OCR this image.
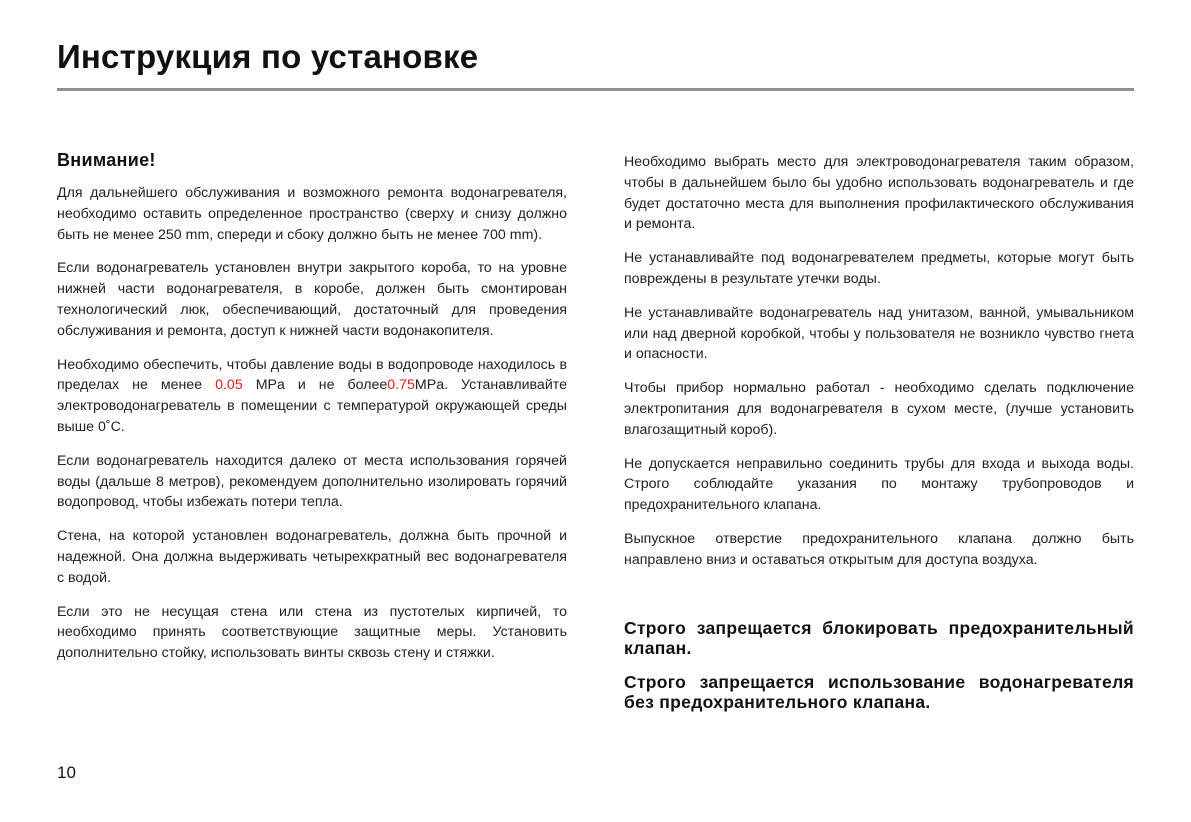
Инструкция по установке
Внимание!

Для дальнейшего обслуживания и возможного ремонта водонагревателя, необходимо оставить определенное пространство (сверху и снизу должно быть не менее 250 mm, спереди и сбоку должно быть не менее 700 mm).

Если водонагреватель установлен внутри закрытого короба, то на уровне нижней части водонагревателя, в коробе, должен быть смонтирован технологический люк, обеспечивающий, достаточный для проведения обслуживания и ремонта, доступ к нижней части водонакопителя.

Необходимо обеспечить, чтобы давление воды в водопроводе находилось в пределах не менее 0.05 MPa и не более0.75MPa. Устанавливайте электроводонагреватель в помещении с температурой окружающей среды выше 0˚C.

Если водонагреватель находится далеко от места использования горячей воды (дальше 8 метров), рекомендуем дополнительно изолировать горячий водопровод, чтобы избежать потери тепла.

Стена, на которой установлен водонагреватель, должна быть прочной и надежной. Она должна выдерживать четырехкратный вес водонагревателя с водой.

Если это не несущая стена или стена из пустотелых кирпичей, то необходимо принять соответствующие защитные меры. Установить дополнительно стойку, использовать винты сквозь стену и стяжки.

Необходимо выбрать место для электроводонагревателя таким образом, чтобы в дальнейшем было бы удобно использовать водонагреватель и где будет достаточно места для выполнения профилактического обслуживания и ремонта.

Не устанавливайте под водонагревателем предметы, которые могут быть повреждены в результате утечки воды.

Не устанавливайте водонагреватель над унитазом, ванной, умывальником или над дверной коробкой, чтобы у пользователя не возникло чувство гнета и опасности.

Чтобы прибор нормально работал - необходимо сделать подключение электропитания для водонагревателя в сухом месте, (лучше установить влагозащитный короб).

Не допускается неправильно соединить трубы для входа и выхода воды. Строго соблюдайте указания по монтажу трубопроводов и предохранительного клапана.

Выпускное отверстие предохранительного клапана должно быть направлено вниз и оставаться открытым для доступа воздуха.

Строго запрещается блокировать предохранительный клапан.

Строго запрещается использование водонагревателя без предохранительного клапана.

10
